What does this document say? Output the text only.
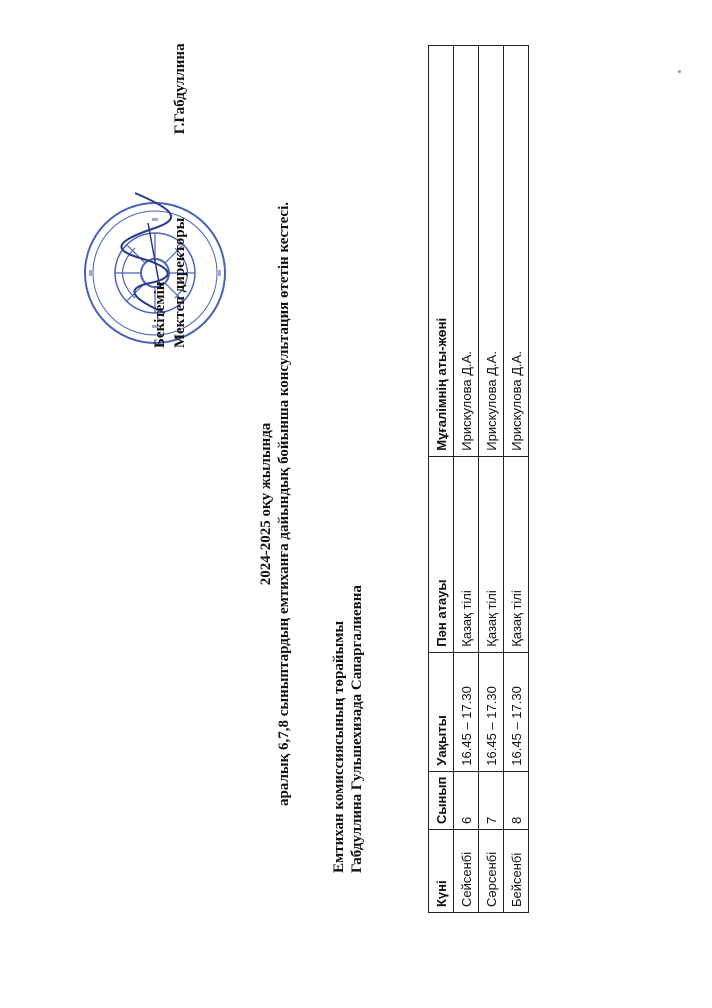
Бекітемін Мектеп директоры  Г.Габдуллина
2024-2025 оқу жылында аралық 6,7,8 сыныптардың емтиханға дайындық бойынша консультация өтетін кестесі.	Емтихан комиссиясының төрайымы Габдуллина Гульшехизада Сапаргалиевна
Күні	Сынып	Уақыты	Пән атауы	Мұғалімнің аты-жөні
Сейсенбі	6	16.45 – 17.30	Қазақ тілі	Ирискулова Д.А.
Сәрсенбі	7	16.45 – 17.30	Қазақ тілі	Ирискулова Д.А.
Бейсенбі	8	16.45 – 17.30	Қазақ тілі	Ирискулова Д.А.
